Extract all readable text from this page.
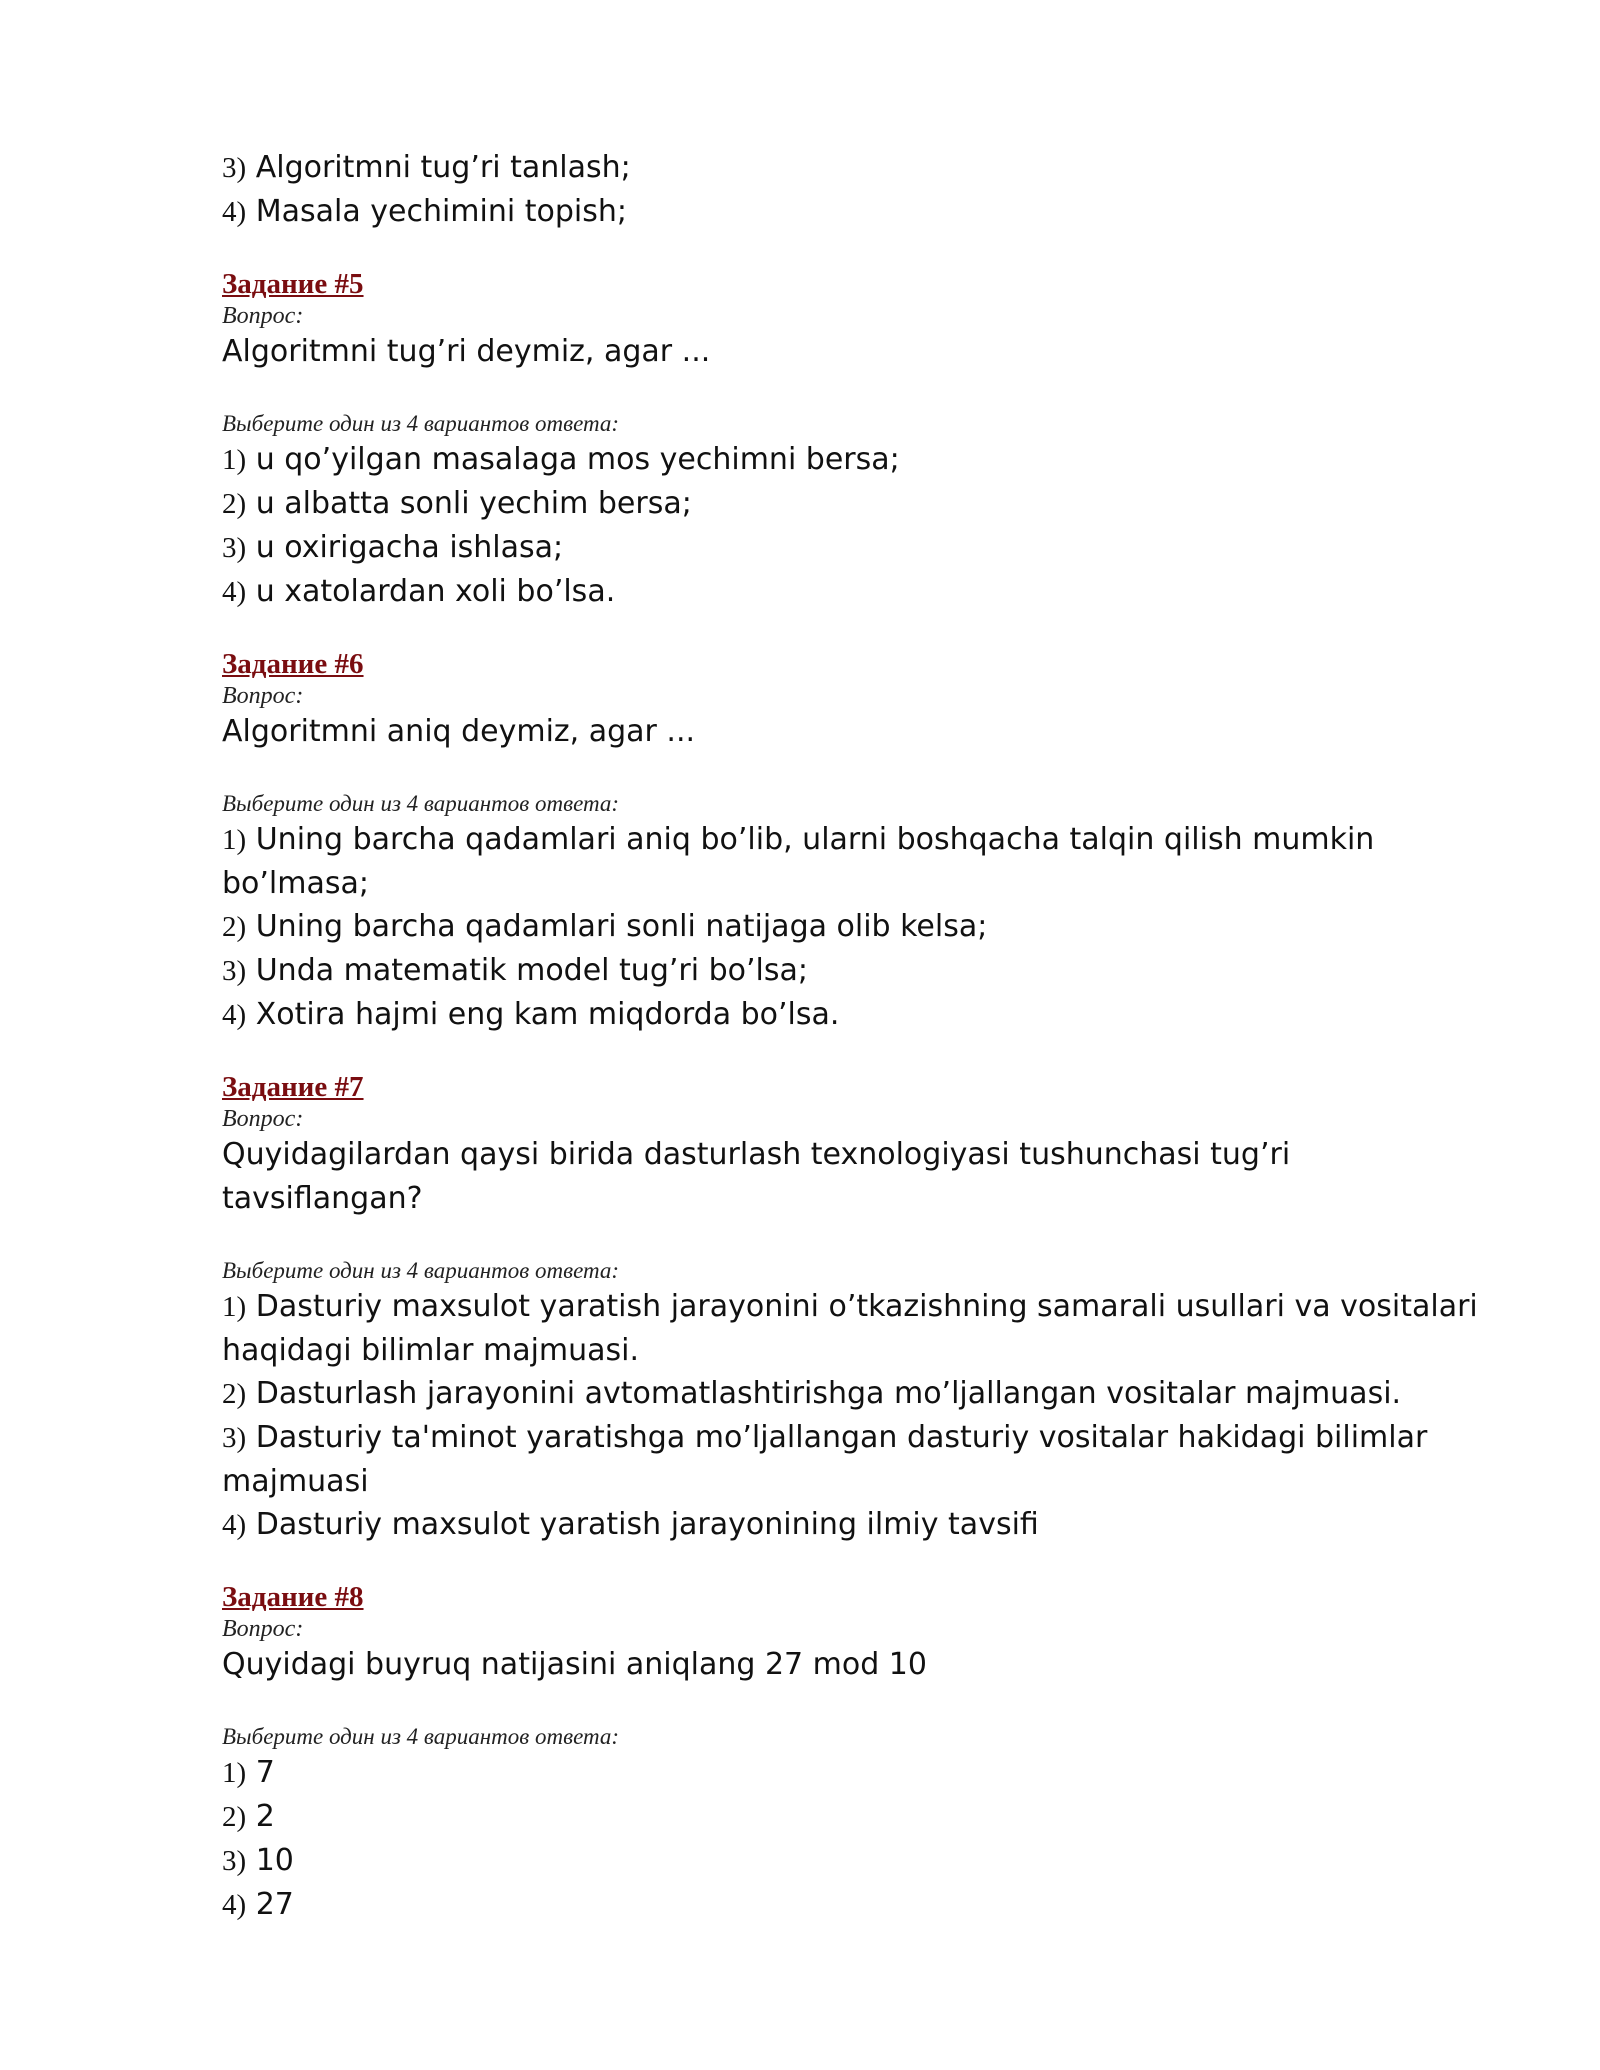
3) Algoritmni tug’ri tanlash;

4) Masala yechimini topish;

Задание #5

Вопрос:

Algoritmni tug’ri deymiz, agar ...

Выберите один из 4 вариантов ответа:

1) u qo’yilgan masalaga mos yechimni bersa;

2) u albatta sonli yechim bersa;

3) u oxirigacha ishlasa;

4) u xatolardan xoli bo’lsa.

Задание #6

Вопрос:

Algoritmni aniq deymiz, agar ...

Выберите один из 4 вариантов ответа:

1) Uning barcha qadamlari aniq bo’lib, ularni boshqacha talqin qilish mumkin bo’lmasa;

2) Uning barcha qadamlari sonli natijaga olib kelsa;

3) Unda matematik model tug’ri bo’lsa;

4) Xotira hajmi eng kam miqdorda bo’lsa.

Задание #7

Вопрос:

Quyidagilardan qaysi birida dasturlash texnologiyasi tushunchasi tug’ri tavsiflangan?

Выберите один из 4 вариантов ответа:

1) Dasturiy maxsulot yaratish jarayonini o’tkazishning samarali usullari va vositalari haqidagi bilimlar majmuasi.

2) Dasturlash jarayonini avtomatlashtirishga mo’ljallangan vositalar majmuasi.

3) Dasturiy ta'minot yaratishga mo’ljallangan dasturiy vositalar hakidagi bilimlar majmuasi

4) Dasturiy maxsulot yaratish jarayonining ilmiy tavsifi

Задание #8

Вопрос:

Quyidagi buyruq natijasini aniqlang 27 mod 10

Выберите один из 4 вариантов ответа:

1) 7

2) 2

3) 10

4) 27
